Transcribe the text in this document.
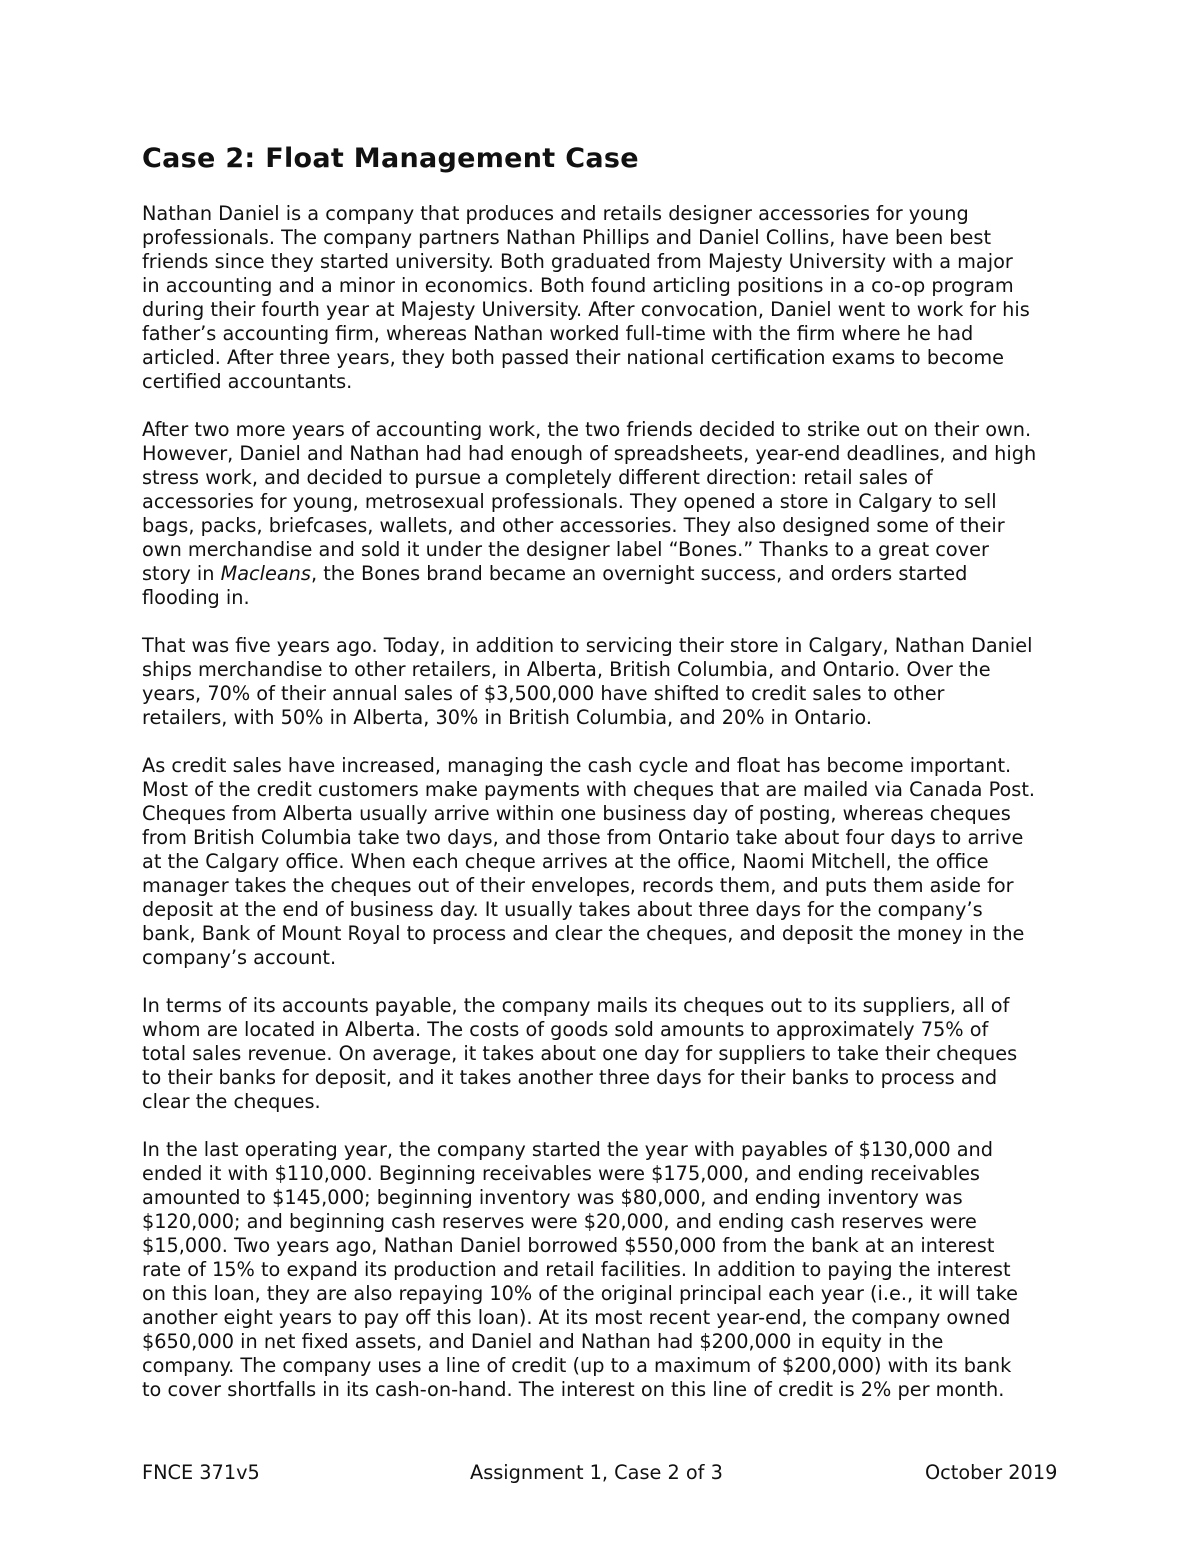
Case 2: Float Management Case

Nathan Daniel is a company that produces and retails designer accessories for young
professionals. The company partners Nathan Phillips and Daniel Collins, have been best
friends since they started university. Both graduated from Majesty University with a major
in accounting and a minor in economics. Both found articling positions in a co-op program
during their fourth year at Majesty University. After convocation, Daniel went to work for his
father’s accounting firm, whereas Nathan worked full-time with the firm where he had
articled. After three years, they both passed their national certification exams to become
certified accountants.

After two more years of accounting work, the two friends decided to strike out on their own.
However, Daniel and Nathan had had enough of spreadsheets, year-end deadlines, and high
stress work, and decided to pursue a completely different direction: retail sales of
accessories for young, metrosexual professionals. They opened a store in Calgary to sell
bags, packs, briefcases, wallets, and other accessories. They also designed some of their
own merchandise and sold it under the designer label “Bones.” Thanks to a great cover
story in Macleans, the Bones brand became an overnight success, and orders started
flooding in.

That was five years ago. Today, in addition to servicing their store in Calgary, Nathan Daniel
ships merchandise to other retailers, in Alberta, British Columbia, and Ontario. Over the
years, 70% of their annual sales of $3,500,000 have shifted to credit sales to other
retailers, with 50% in Alberta, 30% in British Columbia, and 20% in Ontario.

As credit sales have increased, managing the cash cycle and float has become important.
Most of the credit customers make payments with cheques that are mailed via Canada Post.
Cheques from Alberta usually arrive within one business day of posting, whereas cheques
from British Columbia take two days, and those from Ontario take about four days to arrive
at the Calgary office. When each cheque arrives at the office, Naomi Mitchell, the office
manager takes the cheques out of their envelopes, records them, and puts them aside for
deposit at the end of business day. It usually takes about three days for the company’s
bank, Bank of Mount Royal to process and clear the cheques, and deposit the money in the
company’s account.

In terms of its accounts payable, the company mails its cheques out to its suppliers, all of
whom are located in Alberta. The costs of goods sold amounts to approximately 75% of
total sales revenue. On average, it takes about one day for suppliers to take their cheques
to their banks for deposit, and it takes another three days for their banks to process and
clear the cheques.

In the last operating year, the company started the year with payables of $130,000 and
ended it with $110,000. Beginning receivables were $175,000, and ending receivables
amounted to $145,000; beginning inventory was $80,000, and ending inventory was
$120,000; and beginning cash reserves were $20,000, and ending cash reserves were
$15,000. Two years ago, Nathan Daniel borrowed $550,000 from the bank at an interest
rate of 15% to expand its production and retail facilities. In addition to paying the interest
on this loan, they are also repaying 10% of the original principal each year (i.e., it will take
another eight years to pay off this loan). At its most recent year-end, the company owned
$650,000 in net fixed assets, and Daniel and Nathan had $200,000 in equity in the
company. The company uses a line of credit (up to a maximum of $200,000) with its bank
to cover shortfalls in its cash-on-hand. The interest on this line of credit is 2% per month.

FNCE 371v5	Assignment 1, Case 2 of 3	October 2019
